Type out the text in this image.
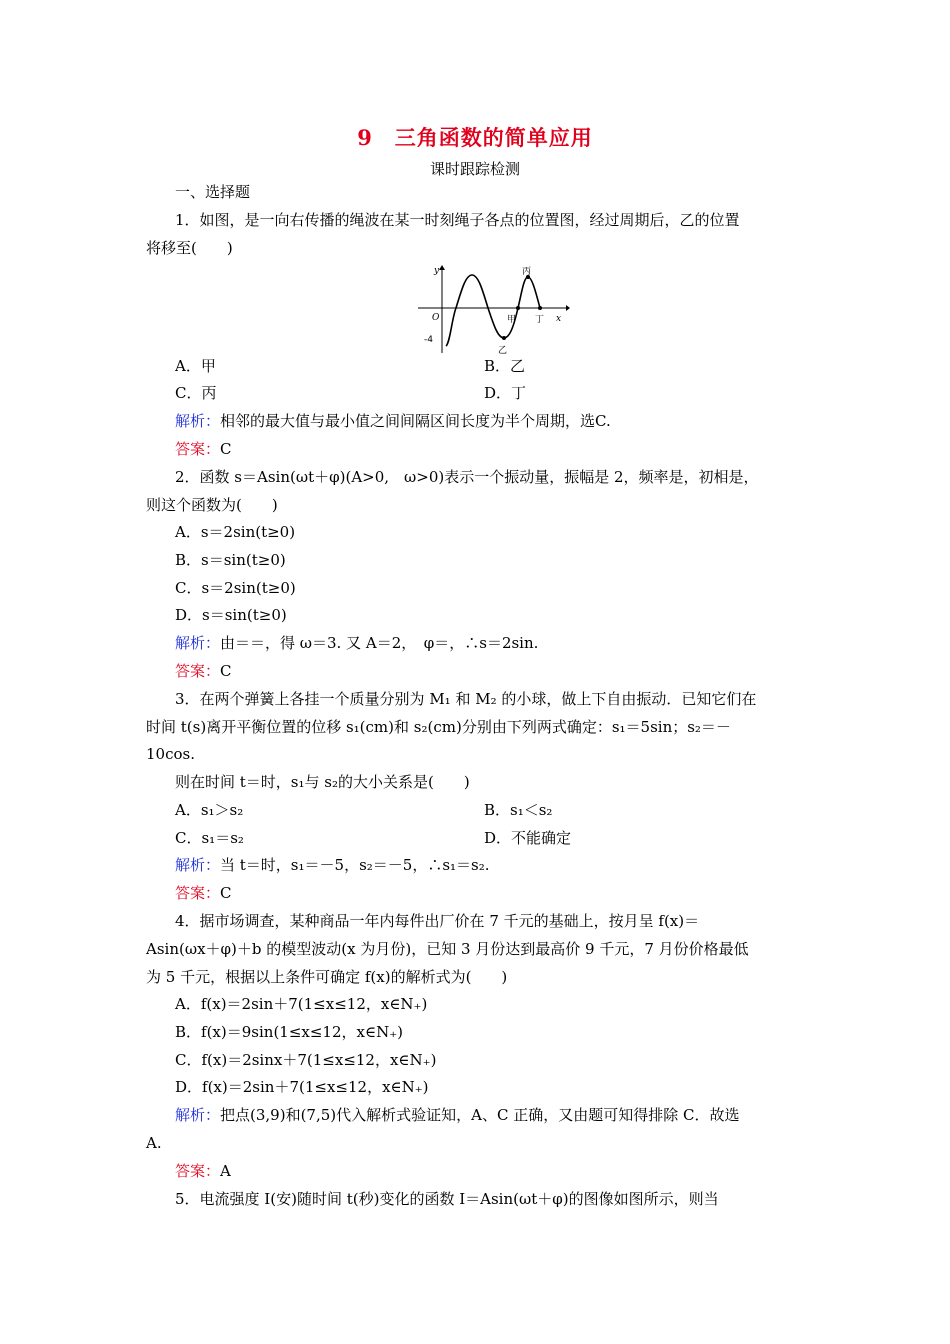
9　三角函数的简单应用
课时跟踪检测
一、选择题
1．如图，是一向右传播的绳波在某一时刻绳子各点的位置图，经过周期后，乙的位置
将移至(　　)
y
x
O
-4
甲
乙
丙
丁
A．甲	B．乙
C．丙	D．丁
解析：相邻的最大值与最小值之间间隔区间长度为半个周期，选C.
答案：C
2．函数 s＝Asin(ωt＋φ)(A>0,　ω>0)表示一个振动量，振幅是 2，频率是，初相是，
则这个函数为(　　)
A．s＝2sin(t≥0)
B．s＝sin(t≥0)
C．s＝2sin(t≥0)
D．s＝sin(t≥0)
解析：由＝＝，得 ω＝3. 又 A＝2，　φ＝，∴s＝2sin.
答案：C
3．在两个弹簧上各挂一个质量分别为 M₁ 和 M₂ 的小球，做上下自由振动．已知它们在
时间 t(s)离开平衡位置的位移 s₁(cm)和 s₂(cm)分别由下列两式确定：s₁＝5sin；s₂＝－
10cos.
则在时间 t＝时，s₁与 s₂的大小关系是(　　)
A．s₁＞s₂	B．s₁＜s₂
C．s₁＝s₂	D．不能确定
解析：当 t＝时，s₁＝－5，s₂＝－5，∴s₁＝s₂.
答案：C
4．据市场调查，某种商品一年内每件出厂价在 7 千元的基础上，按月呈 f(x)＝
Asin(ωx＋φ)＋b 的模型波动(x 为月份)，已知 3 月份达到最高价 9 千元，7 月份价格最低
为 5 千元，根据以上条件可确定 f(x)的解析式为(　　)
A．f(x)＝2sin＋7(1≤x≤12，x∈N₊)
B．f(x)＝9sin(1≤x≤12，x∈N₊)
C．f(x)＝2sinx＋7(1≤x≤12，x∈N₊)
D．f(x)＝2sin＋7(1≤x≤12，x∈N₊)
解析：把点(3,9)和(7,5)代入解析式验证知，A、C 正确，又由题可知得排除 C．故选
A.
答案：A
5．电流强度 I(安)随时间 t(秒)变化的函数 I＝Asin(ωt＋φ)的图像如图所示，则当
